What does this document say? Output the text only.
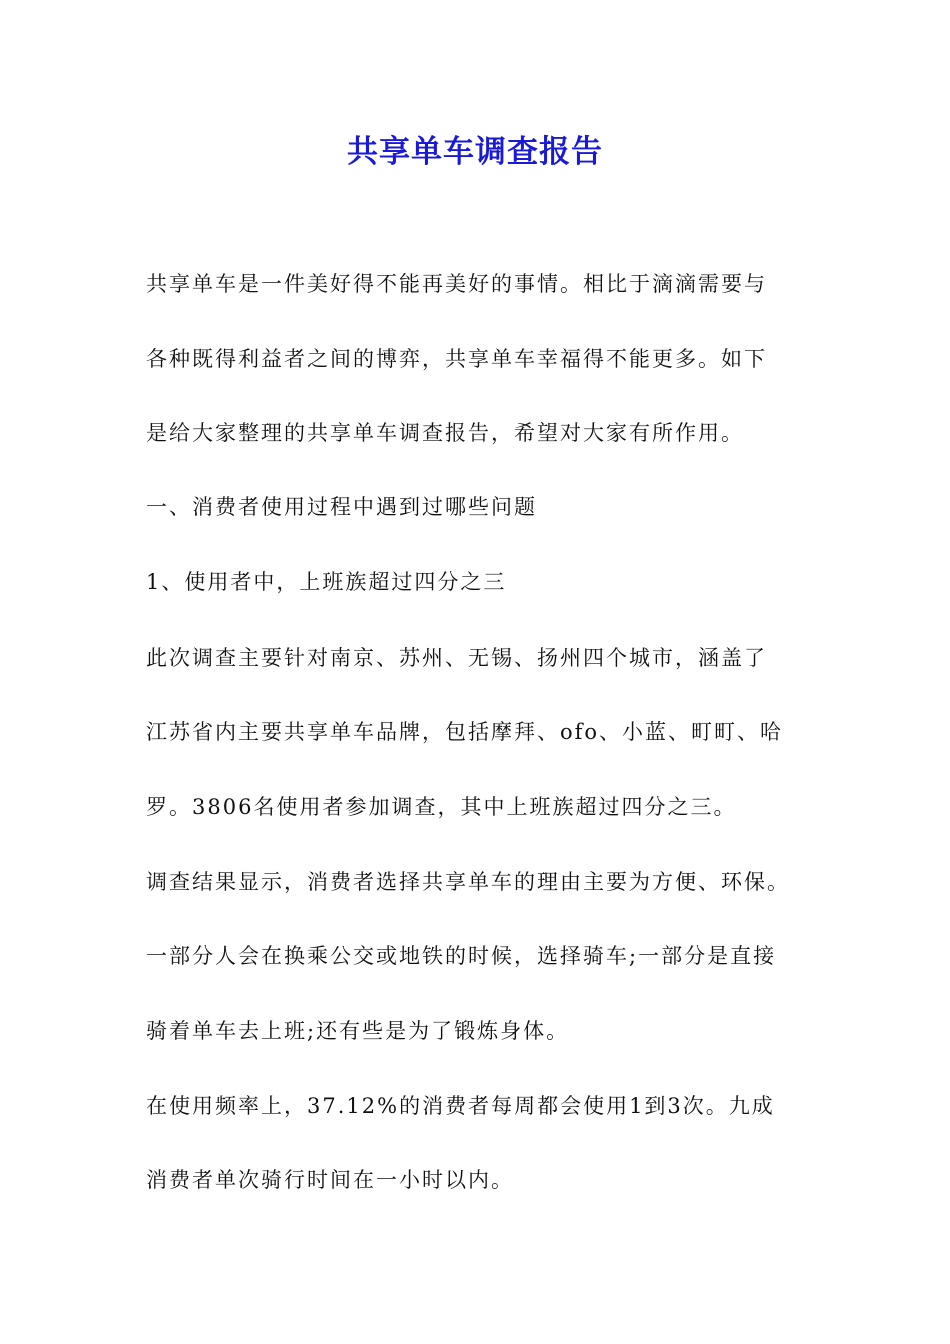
共享单车调查报告
共享单车是一件美好得不能再美好的事情。相比于滴滴需要与
各种既得利益者之间的博弈，共享单车幸福得不能更多。如下
是给大家整理的共享单车调查报告，希望对大家有所作用。
一、消费者使用过程中遇到过哪些问题
1、使用者中，上班族超过四分之三
此次调查主要针对南京、苏州、无锡、扬州四个城市，涵盖了
江苏省内主要共享单车品牌，包括摩拜、ofo、小蓝、町町、哈
罗。3806名使用者参加调查，其中上班族超过四分之三。
调查结果显示，消费者选择共享单车的理由主要为方便、环保。
一部分人会在换乘公交或地铁的时候，选择骑车;一部分是直接
骑着单车去上班;还有些是为了锻炼身体。
在使用频率上，37.12%的消费者每周都会使用1到3次。九成
消费者单次骑行时间在一小时以内。
